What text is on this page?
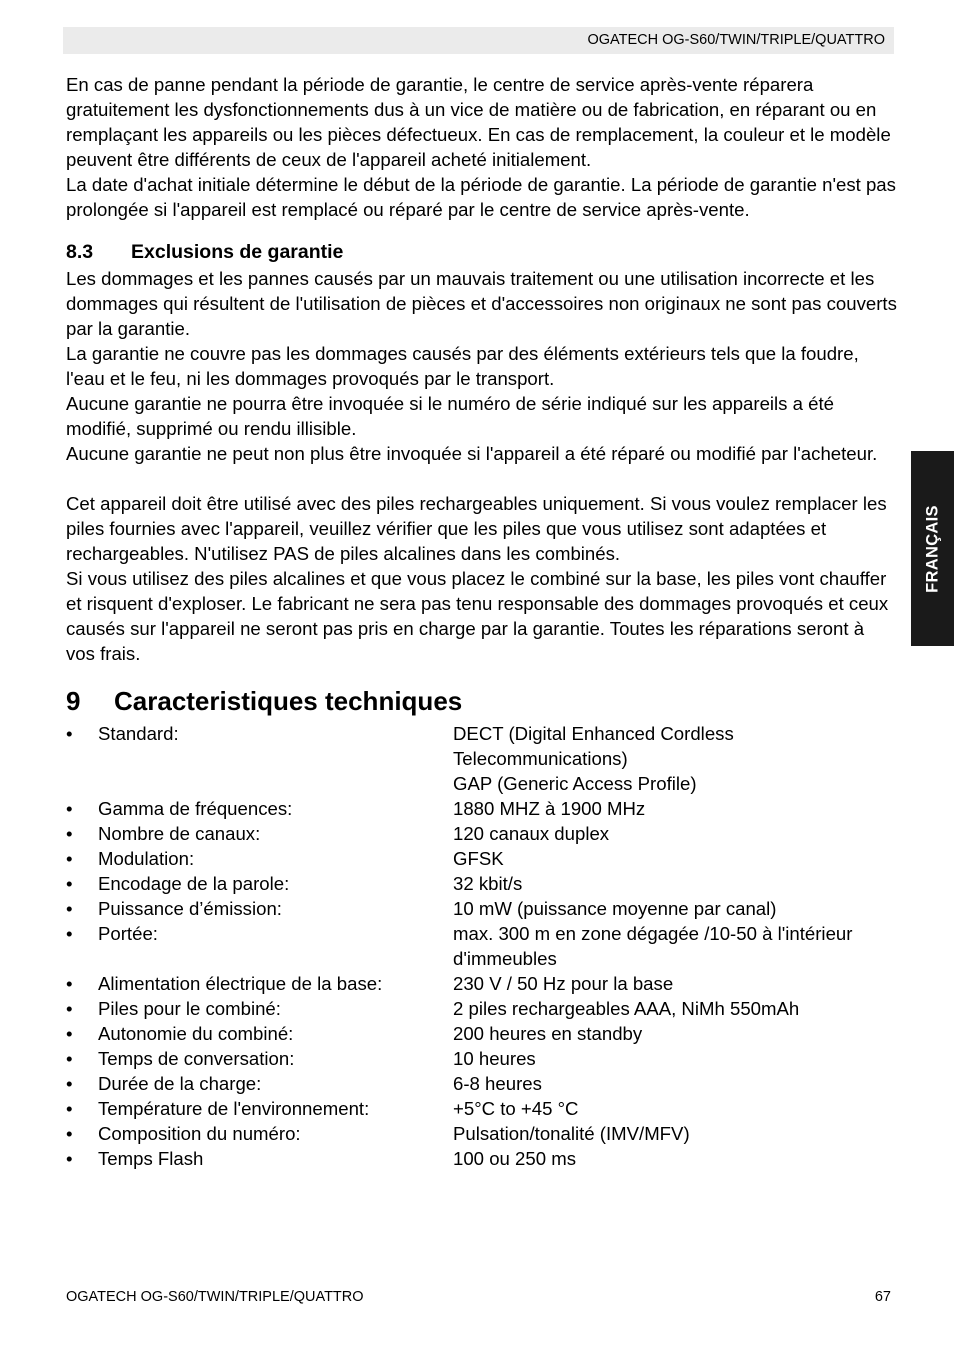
OGATECH OG-S60/TWIN/TRIPLE/QUATTRO
FRANÇAIS

En cas de panne pendant la période de garantie, le centre de service après-vente réparera gratuitement les dysfonctionnements dus à un vice de matière ou de fabrication, en réparant ou en remplaçant les appareils ou les pièces défectueux. En cas de remplacement, la couleur et le modèle peuvent être différents de ceux de l'appareil acheté initialement.

La date d'achat initiale détermine le début de la période de garantie. La période de garantie n'est pas prolongée si l'appareil est remplacé ou réparé par le centre de service après-vente.

8.3	Exclusions de garantie

Les dommages et les pannes causés par un mauvais traitement ou une utilisation incorrecte et les dommages qui résultent de l'utilisation de pièces et d'accessoires non originaux ne sont pas couverts par la garantie.

La garantie ne couvre pas les dommages causés par des éléments extérieurs tels que la foudre, l'eau et le feu, ni les dommages provoqués par le transport.

Aucune garantie ne pourra être invoquée si le numéro de série indiqué sur les appareils a été modifié, supprimé ou rendu illisible.

Aucune garantie ne peut non plus être invoquée si l'appareil a été réparé ou modifié par l'acheteur.

Cet appareil doit être utilisé avec des piles rechargeables uniquement. Si vous voulez remplacer les piles fournies avec l'appareil, veuillez vérifier que les piles que vous utilisez sont adaptées et rechargeables. N'utilisez PAS de piles alcalines dans les combinés.

Si vous utilisez des piles alcalines et que vous placez le combiné sur la base, les piles vont chauffer et risquent d'exploser. Le fabricant ne sera pas tenu responsable des dommages provoqués et ceux causés sur l'appareil ne seront pas pris en charge par la garantie. Toutes les réparations seront à vos frais.

9	Caracteristiques techniques
•	Standard:	DECT (Digital Enhanced Cordless Telecommunications)
GAP (Generic Access Profile)
•	Gamma de fréquences:	1880 MHZ à 1900 MHz
•	Nombre de canaux:	120 canaux duplex
•	Modulation:	GFSK
•	Encodage de la parole:	32 kbit/s
•	Puissance d’émission:	10 mW (puissance moyenne par canal)
•	Portée:	max. 300 m en zone dégagée /10-50 à l'intérieur d'immeubles
•	Alimentation électrique de la base:	230 V / 50 Hz pour la base
•	Piles pour le combiné:	2 piles rechargeables AAA, NiMh 550mAh
•	Autonomie du combiné:	200 heures en standby
•	Temps de conversation:	10 heures
•	Durée de la charge:	6-8 heures
•	Température de l'environnement:	+5°C to +45 °C
•	Composition du numéro:	Pulsation/tonalité (IMV/MFV)
•	Temps Flash	100 ou 250 ms
OGATECH OG-S60/TWIN/TRIPLE/QUATTRO	67
